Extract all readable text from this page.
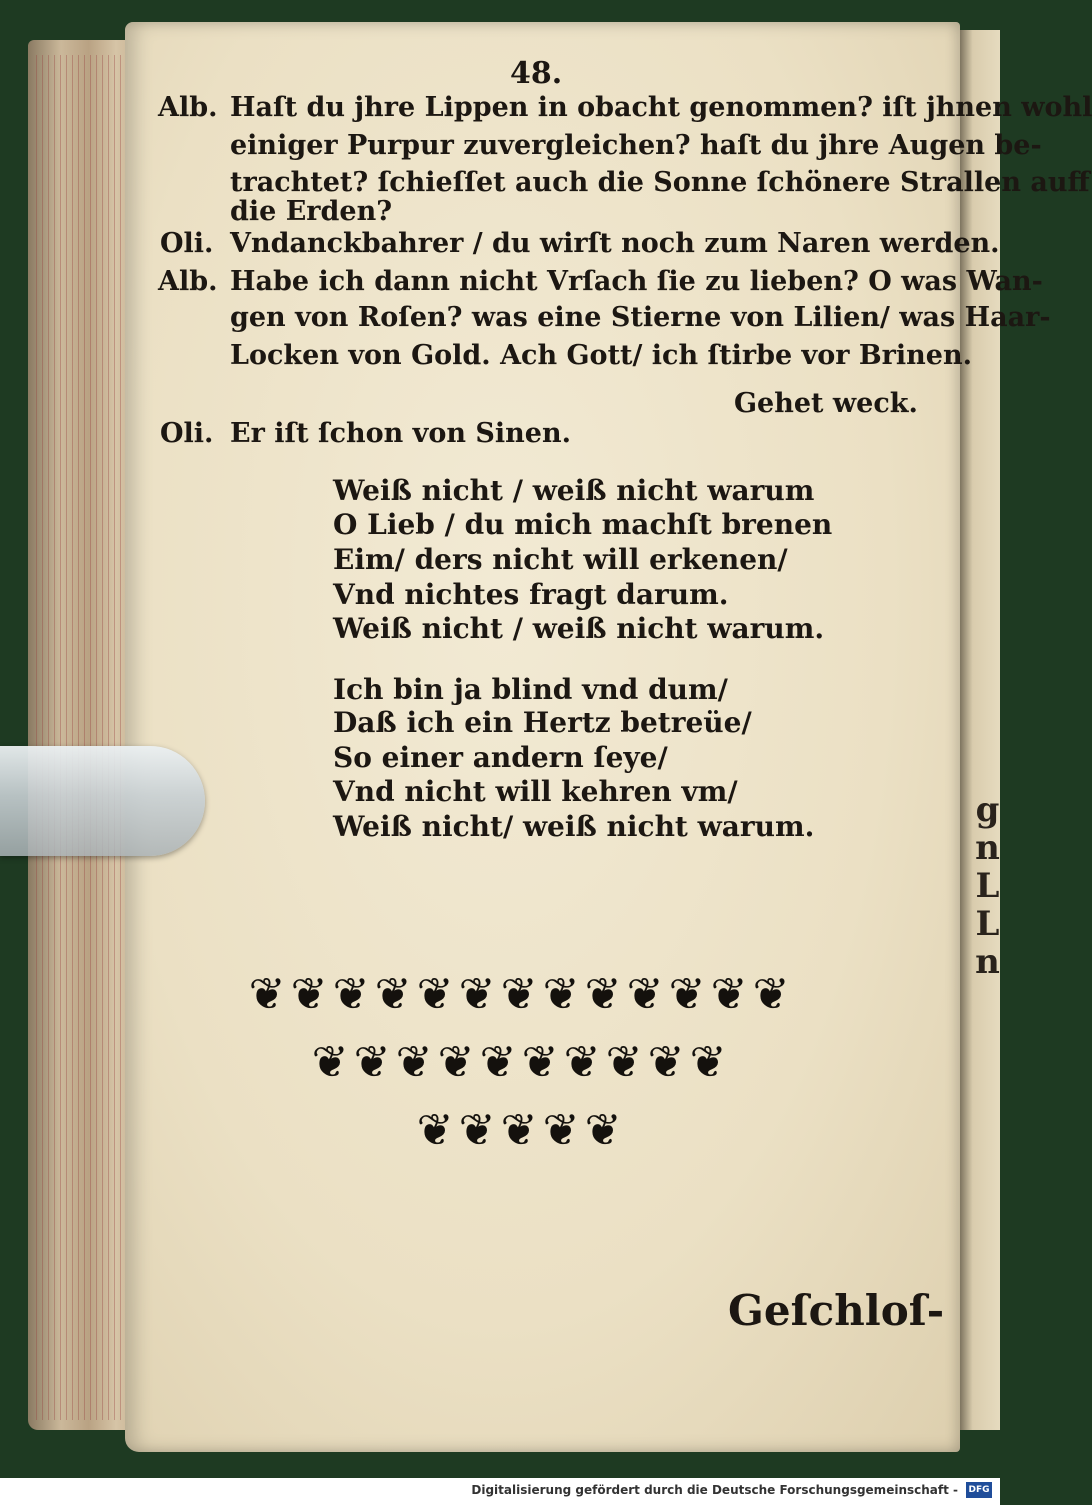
g
n
L
L
n
48.
Alb. Haſt du jhre Lippen in obacht genommen? iſt jhnen wohl
einiger Purpur zuvergleichen? haſt du jhre Augen be-
trachtet? ſchieſſet auch die Sonne ſchönere Strallen auff
die Erden?
Oli. Vndanckbahrer / du wirſt noch zum Naren werden.
Alb. Habe ich dann nicht Vrſach ſie zu lieben? O was Wan-
gen von Roſen? was eine Stierne von Lilien/ was Haar-
Locken von Gold. Ach Gott/ ich ſtirbe vor Brinen.
Gehet weck.
Oli. Er iſt ſchon von Sinen.
Weiß nicht / weiß nicht warum
O Lieb / du mich machſt brenen
Eim/ ders nicht will erkenen/
Vnd nichtes fragt darum.
Weiß nicht / weiß nicht warum.
Ich bin ja blind vnd dum/
Daß ich ein Hertz betreüe/
So einer andern ſeye/
Vnd nicht will kehren vm/
Weiß nicht/ weiß nicht warum.
❦ ❦ ❦ ❦ ❦ ❦ ❦ ❦ ❦ ❦ ❦ ❦ ❦
❦ ❦ ❦ ❦ ❦ ❦ ❦ ❦ ❦ ❦
❦ ❦ ❦ ❦ ❦
Geſchloſ-
Digitalisierung gefördert durch die Deutsche Forschungsgemeinschaft - DFG
